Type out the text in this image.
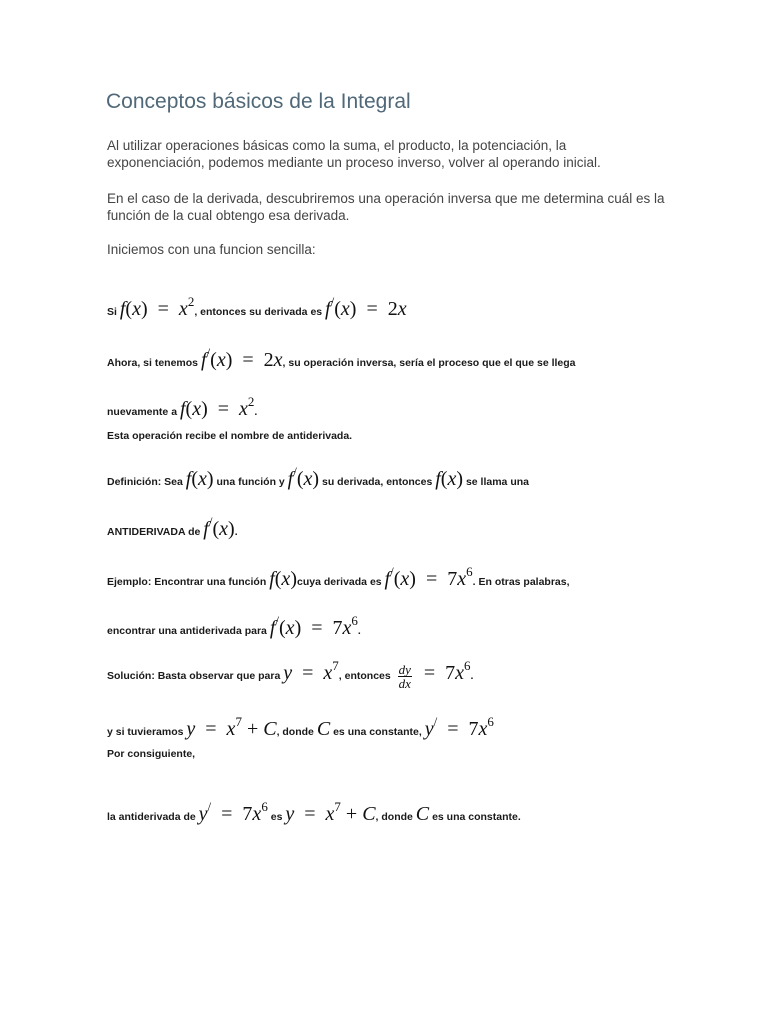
Conceptos básicos de la Integral
Al utilizar operaciones básicas como la suma, el producto, la potenciación, la exponenciación, podemos mediante un proceso inverso, volver al operando inicial.
En el caso de la derivada, descubriremos una operación inversa que me determina cuál es la función de la cual obtengo esa derivada.
Iniciemos con una funcion sencilla:
Si $f(x) = x^2$, entonces su derivada es f/(x)  =  2x
Ahora, si tenemos f/(x)  =  2x, su operación inversa, sería el proceso que el que se llega
nuevamente a $f(x) = x^2$.
Esta operación recibe el nombre de antiderivada.
Definición: Sea f(x) una función y f/(x) su derivada, entonces f(x) se llama una
ANTIDERIVADA de f/(x).
Ejemplo: Encontrar una función f(x)cuya derivada es $f^/(x) = 7x^6$. En otras palabras,
encontrar una antiderivada para $f^/(x) = 7x^6$.
Solución: Basta observar que para $y = x^7$, entonces $\frac{dy}{dx} = 7x^6$.
y si tuvieramos $y = x^7 + C$, donde C es una constante, $y^/ = 7x^6$
Por consiguiente,
la antiderivada de $y^/ = 7x^6$ es $y = x^7 + C$, donde C es una constante.
